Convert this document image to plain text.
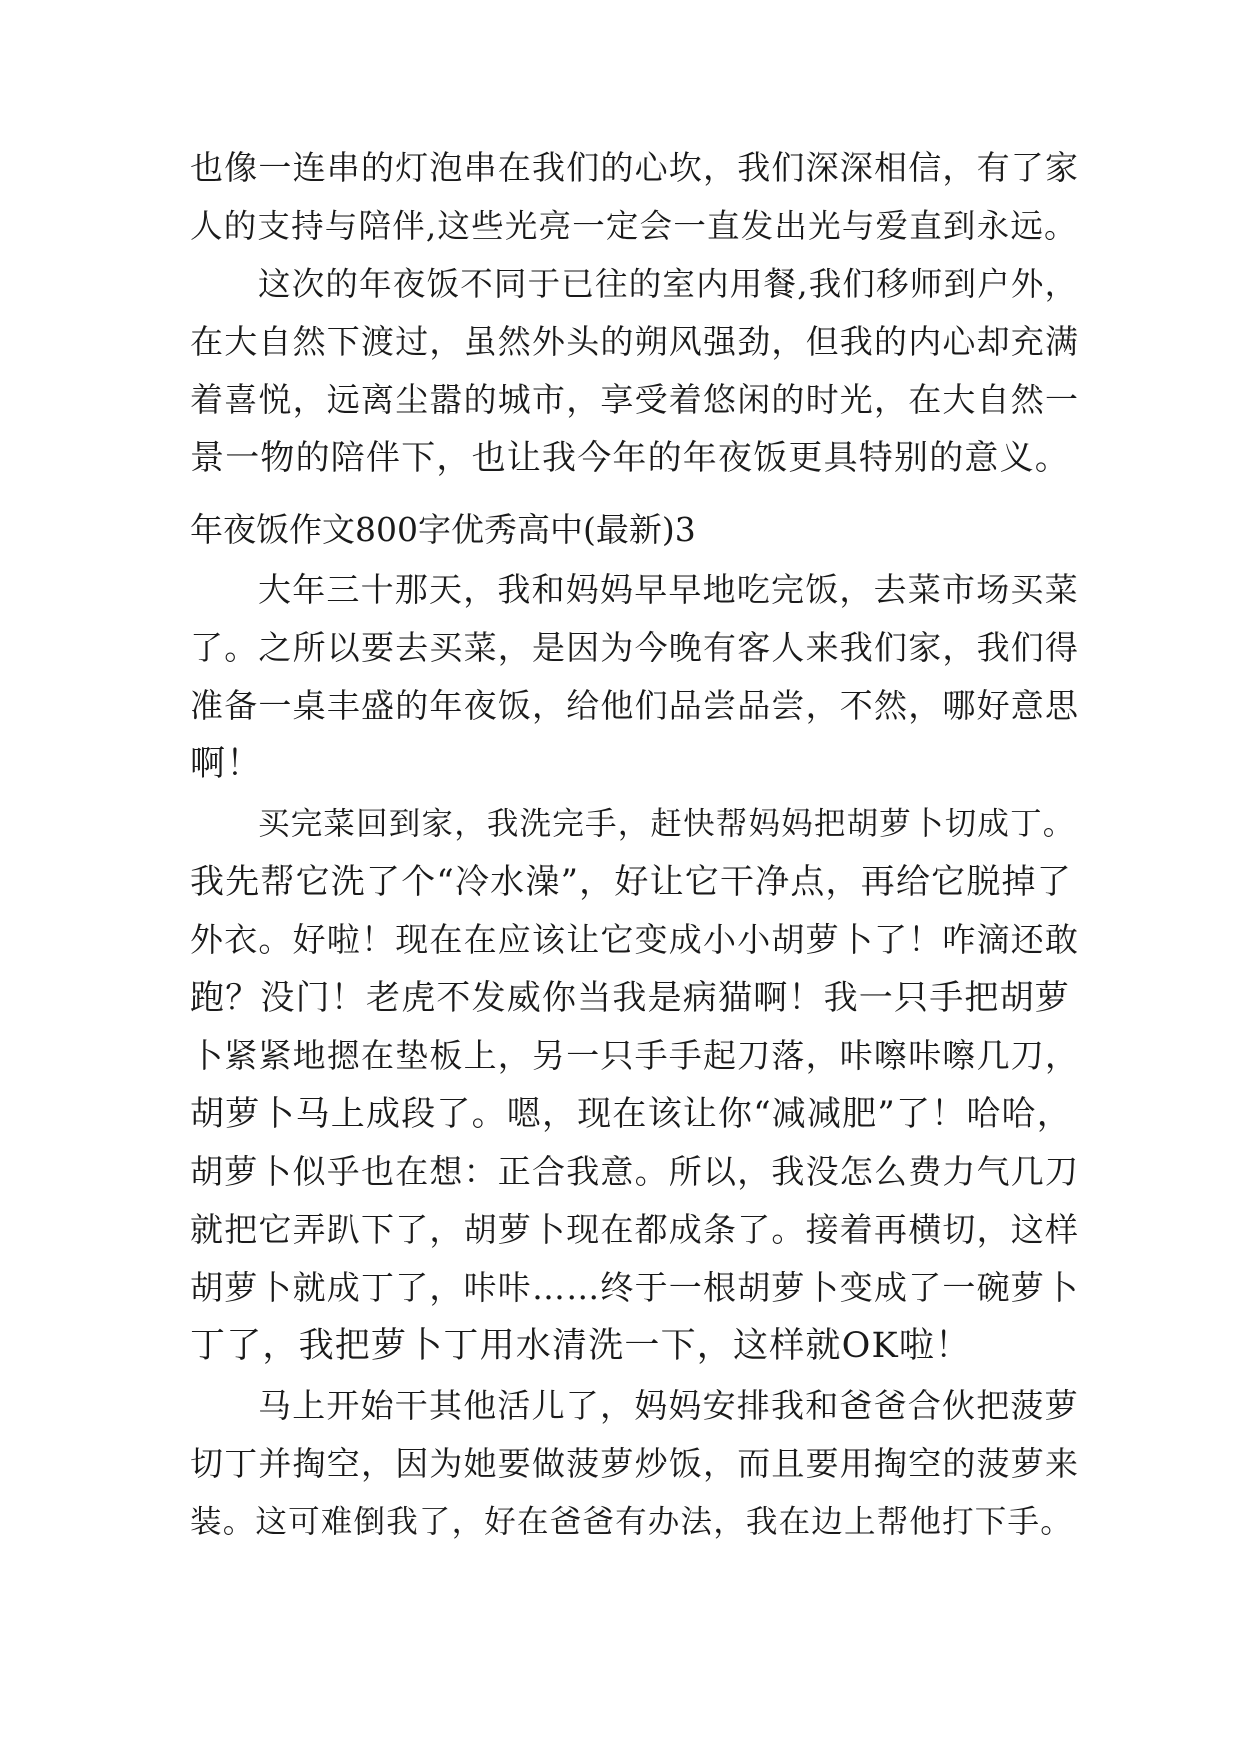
也像一连串的灯泡串在我们的心坎，我们深深相信，有了家
人的支持与陪伴,这些光亮一定会一直发出光与爱直到永远。
这次的年夜饭不同于已往的室内用餐,我们移师到户外，
在大自然下渡过，虽然外头的朔风强劲，但我的内心却充满
着喜悦，远离尘嚣的城市，享受着悠闲的时光，在大自然一
景一物的陪伴下，也让我今年的年夜饭更具特别的意义。
年夜饭作文800字优秀高中(最新)3
大年三十那天，我和妈妈早早地吃完饭，去菜市场买菜
了。之所以要去买菜，是因为今晚有客人来我们家，我们得
准备一桌丰盛的年夜饭，给他们品尝品尝，不然，哪好意思
啊！
买完菜回到家，我洗完手，赶快帮妈妈把胡萝卜切成丁。
我先帮它洗了个“冷水澡”，好让它干净点，再给它脱掉了
外衣。好啦！现在在应该让它变成小小胡萝卜了！咋滴还敢
跑？没门！老虎不发威你当我是病猫啊！我一只手把胡萝
卜紧紧地摁在垫板上，另一只手手起刀落，咔嚓咔嚓几刀，
胡萝卜马上成段了。嗯，现在该让你“减减肥”了！哈哈，
胡萝卜似乎也在想：正合我意。所以，我没怎么费力气几刀
就把它弄趴下了，胡萝卜现在都成条了。接着再横切，这样
胡萝卜就成丁了，咔咔……终于一根胡萝卜变成了一碗萝卜
丁了，我把萝卜丁用水清洗一下，这样就OK啦！
马上开始干其他活儿了，妈妈安排我和爸爸合伙把菠萝
切丁并掏空，因为她要做菠萝炒饭，而且要用掏空的菠萝来
装。这可难倒我了，好在爸爸有办法，我在边上帮他打下手。
